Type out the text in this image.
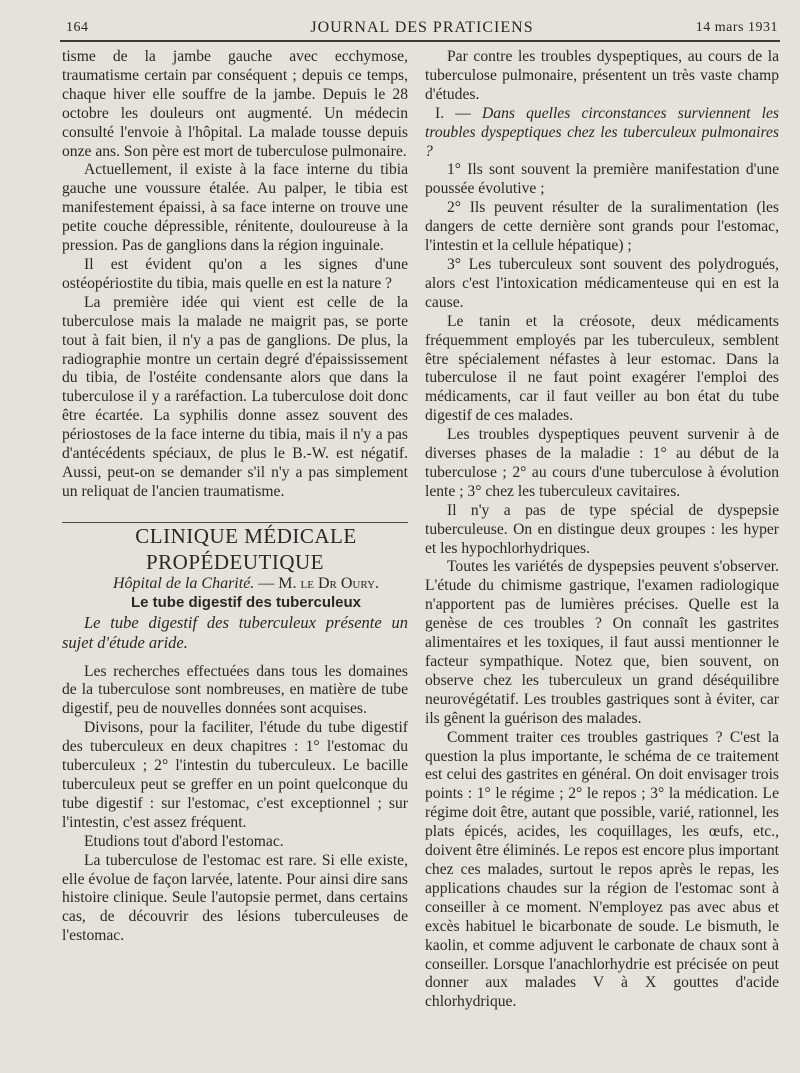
164	JOURNAL DES PRATICIENS	14 mars 1931

tisme de la jambe gauche avec ecchymose, traumatisme certain par conséquent ; depuis ce temps, chaque hiver elle souffre de la jambe. Depuis le 28 octobre les douleurs ont augmenté. Un médecin consulté l'envoie à l'hôpital. La malade tousse depuis onze ans. Son père est mort de tuberculose pulmonaire.

Actuellement, il existe à la face interne du tibia gauche une voussure étalée. Au palper, le tibia est manifestement épaissi, à sa face interne on trouve une petite couche dépressible, rénitente, douloureuse à la pression. Pas de ganglions dans la région inguinale.

Il est évident qu'on a les signes d'une ostéopériostite du tibia, mais quelle en est la nature ?

La première idée qui vient est celle de la tuberculose mais la malade ne maigrit pas, se porte tout à fait bien, il n'y a pas de ganglions. De plus, la radiographie montre un certain degré d'épaississement du tibia, de l'ostéite condensante alors que dans la tuberculose il y a raréfaction. La tuberculose doit donc être écartée. La syphilis donne assez souvent des périostoses de la face interne du tibia, mais il n'y a pas d'antécédents spéciaux, de plus le B.-W. est négatif. Aussi, peut-on se demander s'il n'y a pas simplement un reliquat de l'ancien traumatisme.

CLINIQUE MÉDICALE PROPÉDEUTIQUE

Hôpital de la Charité. — M. le Dr Oury.

Le tube digestif des tuberculeux

Le tube digestif des tuberculeux présente un sujet d'étude aride.

Les recherches effectuées dans tous les domaines de la tuberculose sont nombreuses, en matière de tube digestif, peu de nouvelles données sont acquises.

Divisons, pour la faciliter, l'étude du tube digestif des tuberculeux en deux chapitres : 1° l'estomac du tuberculeux ; 2° l'intestin du tuberculeux. Le bacille tuberculeux peut se greffer en un point quelconque du tube digestif : sur l'estomac, c'est exceptionnel ; sur l'intestin, c'est assez fréquent.

Etudions tout d'abord l'estomac.

La tuberculose de l'estomac est rare. Si elle existe, elle évolue de façon larvée, latente. Pour ainsi dire sans histoire clinique. Seule l'autopsie permet, dans certains cas, de découvrir des lésions tuberculeuses de l'estomac.

Par contre les troubles dyspeptiques, au cours de la tuberculose pulmonaire, présentent un très vaste champ d'études.

I. — Dans quelles circonstances surviennent les troubles dyspeptiques chez les tuberculeux pulmonaires ?

1° Ils sont souvent la première manifestation d'une poussée évolutive ;

2° Ils peuvent résulter de la suralimentation (les dangers de cette dernière sont grands pour l'estomac, l'intestin et la cellule hépatique) ;

3° Les tuberculeux sont souvent des polydrogués, alors c'est l'intoxication médicamenteuse qui en est la cause.

Le tanin et la créosote, deux médicaments fréquemment employés par les tuberculeux, semblent être spécialement néfastes à leur estomac. Dans la tuberculose il ne faut point exagérer l'emploi des médicaments, car il faut veiller au bon état du tube digestif de ces malades.

Les troubles dyspeptiques peuvent survenir à de diverses phases de la maladie : 1° au début de la tuberculose ; 2° au cours d'une tuberculose à évolution lente ; 3° chez les tuberculeux cavitaires.

Il n'y a pas de type spécial de dyspepsie tuberculeuse. On en distingue deux groupes : les hyper et les hypochlorhydriques.

Toutes les variétés de dyspepsies peuvent s'observer. L'étude du chimisme gastrique, l'examen radiologique n'apportent pas de lumières précises. Quelle est la genèse de ces troubles ? On connaît les gastrites alimentaires et les toxiques, il faut aussi mentionner le facteur sympathique. Notez que, bien souvent, on observe chez les tuberculeux un grand déséquilibre neurovégétatif. Les troubles gastriques sont à éviter, car ils gênent la guérison des malades.

Comment traiter ces troubles gastriques ? C'est la question la plus importante, le schéma de ce traitement est celui des gastrites en général. On doit envisager trois points : 1° le régime ; 2° le repos ; 3° la médication. Le régime doit être, autant que possible, varié, rationnel, les plats épicés, acides, les coquillages, les œufs, etc., doivent être éliminés. Le repos est encore plus important chez ces malades, surtout le repos après le repas, les applications chaudes sur la région de l'estomac sont à conseiller à ce moment. N'employez pas avec abus et excès habituel le bicarbonate de soude. Le bismuth, le kaolin, et comme adjuvent le carbonate de chaux sont à conseiller. Lorsque l'anachlorhydrie est précisée on peut donner aux malades V à X gouttes d'acide chlorhydrique.
